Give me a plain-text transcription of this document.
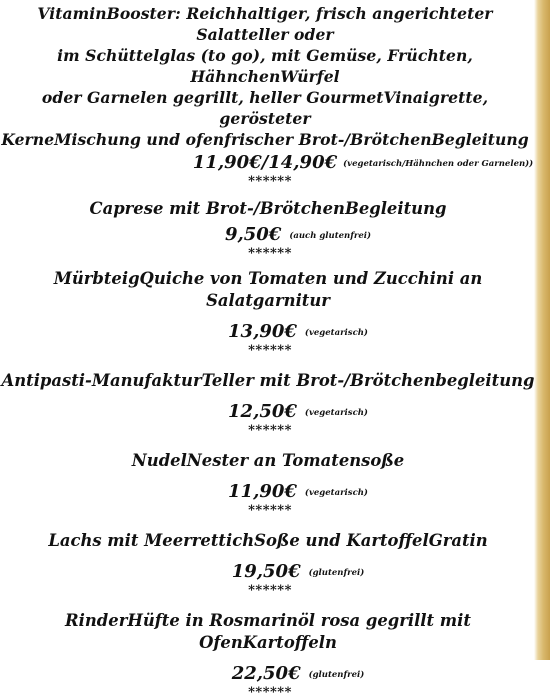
VitaminBooster: Reichhaltiger, frisch angerichteter Salatteller oder
im Schüttelglas (to go), mit Gemüse, Früchten, HähnchenWürfel
oder Garnelen gegrillt, heller GourmetVinaigrette, gerösteter
KerneMischung und ofenfrischer Brot-/BrötchenBegleitung
11,90€/14,90€ (vegetarisch/Hähnchen oder Garnelen))
******
Caprese mit Brot-/BrötchenBegleitung
9,50€ (auch glutenfrei)
******
MürbteigQuiche von Tomaten und Zucchini an Salatgarnitur
13,90€ (vegetarisch)
******
Antipasti-ManufakturTeller mit Brot-/Brötchenbegleitung
12,50€ (vegetarisch)
******
NudelNester an Tomatensoße
11,90€ (vegetarisch)
******
Lachs mit MeerrettichSoße und KartoffelGratin
19,50€ (glutenfrei)
******
RinderHüfte in Rosmarinöl rosa gegrillt mit OfenKartoffeln
22,50€ (glutenfrei)
******
